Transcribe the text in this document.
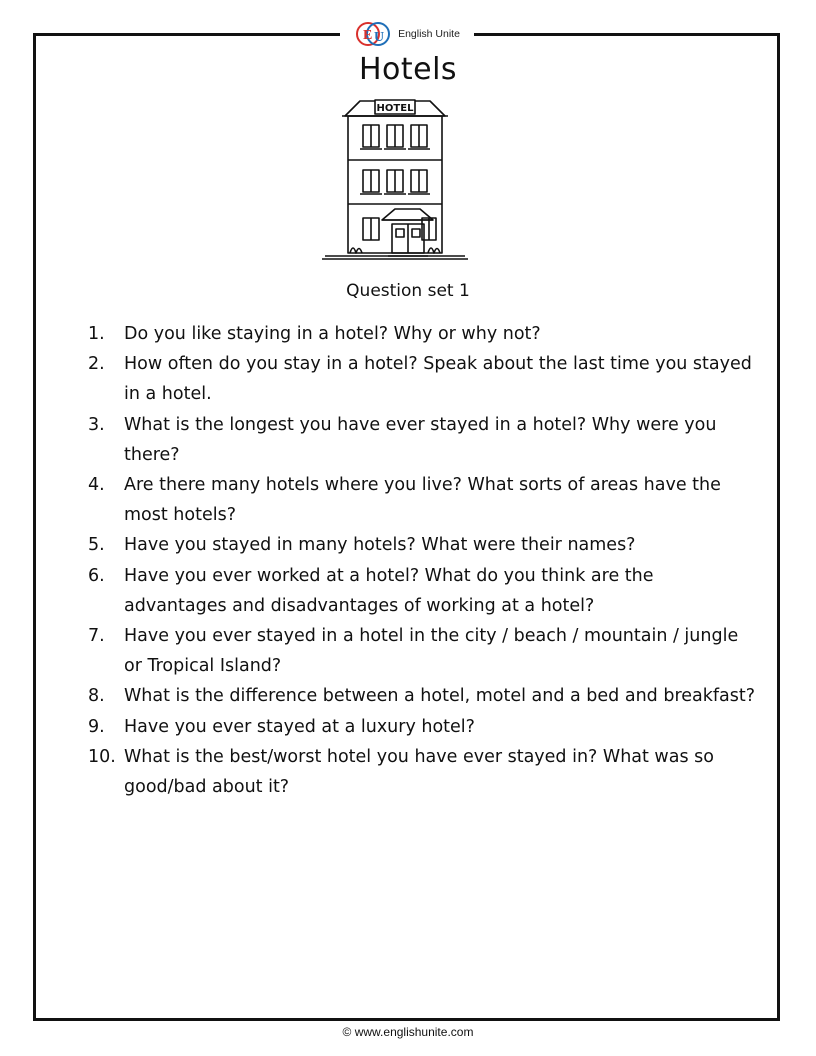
E U English Unite
Hotels
HOTEL
Question set 1
1.	Do you like staying in a hotel? Why or why not?
2.	How often do you stay in a hotel? Speak about the last time you stayed in a hotel.
3.	What is the longest you have ever stayed in a hotel? Why were you there?
4.	Are there many hotels where you live? What sorts of areas have the most hotels?
5.	Have you stayed in many hotels? What were their names?
6.	Have you ever worked at a hotel? What do you think are the advantages and disadvantages of working at a hotel?
7.	Have you ever stayed in a hotel in the city / beach / mountain / jungle or Tropical Island?
8.	What is the difference between a hotel, motel and a bed and breakfast?
9.	Have you ever stayed at a luxury hotel?
10. What is the best/worst hotel you have ever stayed in? What was so good/bad about it?
© www.englishunite.com
